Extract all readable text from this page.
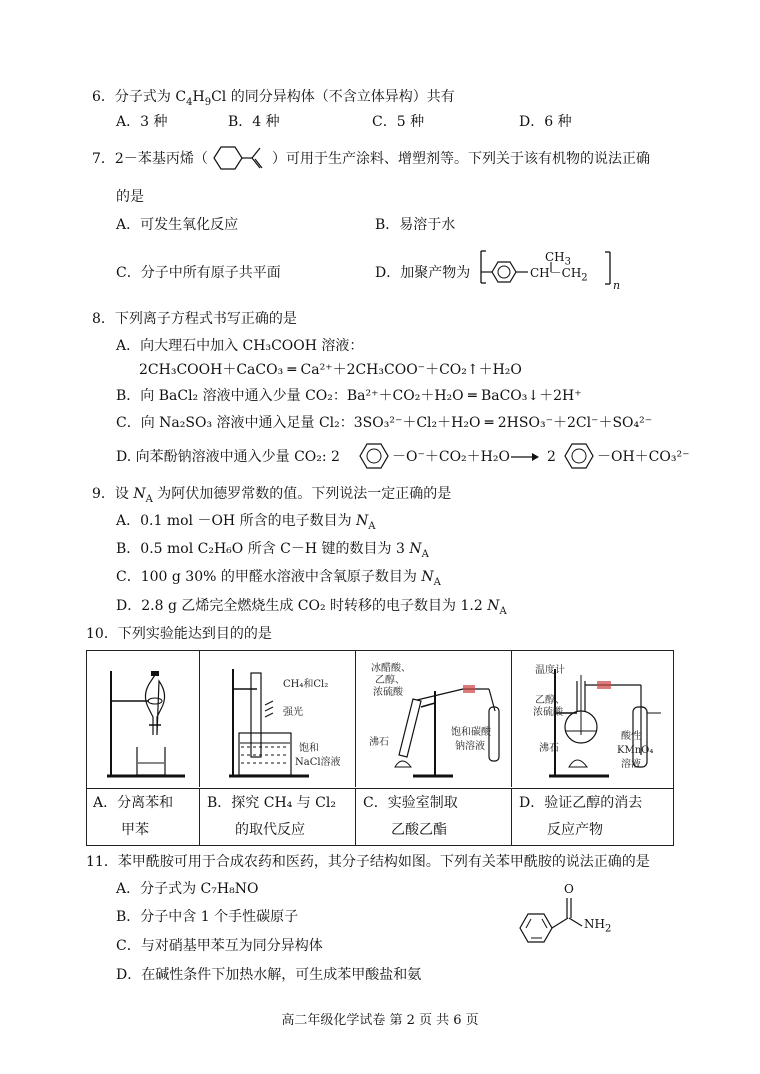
6．分子式为 $C_4H_9Cl$ 的同分异构体（不含立体异构）共有
A．3 种	B．4 种	C．5 种	D．6 种
7．2－苯基丙烯（	）可用于生产涂料、增塑剂等。下列关于该有机物的说法正确
的是
A．可发生氧化反应	B．易溶于水
C．分子中所有原子共平面	D．加聚产物为
$CH_3$
$CH-CH_2$
n
8．下列离子方程式书写正确的是
A．向大理石中加入 CH₃COOH 溶液：
2CH₃COOH＋CaCO₃ ═ Ca²⁺＋2CH₃COO⁻＋CO₂↑＋H₂O
B．向 BaCl₂ 溶液中通入少量 CO₂：Ba²⁺＋CO₂＋H₂O ═ BaCO₃↓＋2H⁺
C．向 Na₂SO₃ 溶液中通入足量 Cl₂：3SO₃²⁻＋Cl₂＋H₂O ═ 2HSO₃⁻＋2Cl⁻＋SO₄²⁻
D. 向苯酚钠溶液中通入少量 CO₂: 2	－O⁻＋CO₂＋H₂O → 2	－OH＋CO₃²⁻
9．设 $N_A$ 为阿伏加德罗常数的值。下列说法一定正确的是
A．0.1 mol －OH 所含的电子数目为 $N_A$
B．0.5 mol C₂H₆O 所含 C－H 键的数目为 3 $N_A$
C．100 g 30% 的甲醛水溶液中含氧原子数目为 $N_A$
D．2.8 g 乙烯完全燃烧生成 CO₂ 时转移的电子数目为 1.2 $N_A$
10．下列实验能达到目的的是
CH₄和Cl₂
强光
饱和
NaCl溶液
冰醋酸、
乙醇、
浓硫酸
沸石
饱和碳酸
钠溶液
温度计
乙醇、
浓硫酸
沸石
酸性
KMnO₄
溶液
A．分离苯和
甲苯
B．探究 CH₄ 与 Cl₂
的取代反应
C．实验室制取
乙酸乙酯
D．验证乙醇的消去
反应产物
11．苯甲酰胺可用于合成农药和医药，其分子结构如图。下列有关苯甲酰胺的说法正确的是
A．分子式为 C₇H₈NO
B．分子中含 1 个手性碳原子
C．与对硝基甲苯互为同分异构体
D．在碱性条件下加热水解，可生成苯甲酸盐和氨
O
$NH_2$
高二年级化学试卷 第 2 页 共 6 页
